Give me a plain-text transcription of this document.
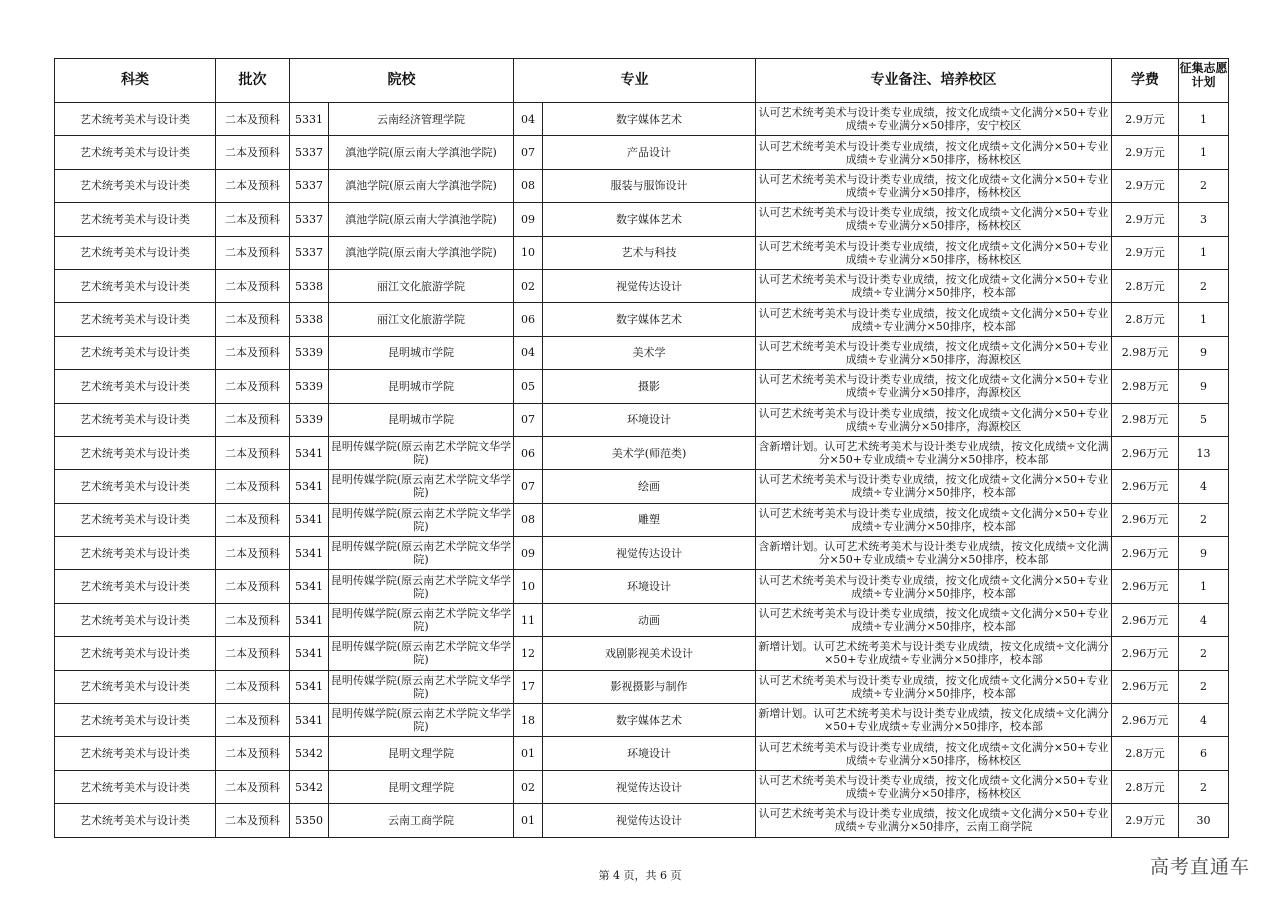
科类	批次	院校		专业		专业备注、培养校区	学费	征集志愿计划

艺术统考美术与设计类	二本及预科	5331	云南经济管理学院	04	数字媒体艺术	认可艺术统考美术与设计类专业成绩，按文化成绩÷文化满分×50+专业成绩÷专业满分×50排序，安宁校区	2.9万元	1
艺术统考美术与设计类	二本及预科	5337	滇池学院(原云南大学滇池学院)	07	产品设计	认可艺术统考美术与设计类专业成绩，按文化成绩÷文化满分×50+专业成绩÷专业满分×50排序，杨林校区	2.9万元	1
艺术统考美术与设计类	二本及预科	5337	滇池学院(原云南大学滇池学院)	08	服装与服饰设计	认可艺术统考美术与设计类专业成绩，按文化成绩÷文化满分×50+专业成绩÷专业满分×50排序，杨林校区	2.9万元	2
艺术统考美术与设计类	二本及预科	5337	滇池学院(原云南大学滇池学院)	09	数字媒体艺术	认可艺术统考美术与设计类专业成绩，按文化成绩÷文化满分×50+专业成绩÷专业满分×50排序，杨林校区	2.9万元	3
艺术统考美术与设计类	二本及预科	5337	滇池学院(原云南大学滇池学院)	10	艺术与科技	认可艺术统考美术与设计类专业成绩，按文化成绩÷文化满分×50+专业成绩÷专业满分×50排序，杨林校区	2.9万元	1
艺术统考美术与设计类	二本及预科	5338	丽江文化旅游学院	02	视觉传达设计	认可艺术统考美术与设计类专业成绩，按文化成绩÷文化满分×50+专业成绩÷专业满分×50排序，校本部	2.8万元	2
艺术统考美术与设计类	二本及预科	5338	丽江文化旅游学院	06	数字媒体艺术	认可艺术统考美术与设计类专业成绩，按文化成绩÷文化满分×50+专业成绩÷专业满分×50排序，校本部	2.8万元	1
艺术统考美术与设计类	二本及预科	5339	昆明城市学院	04	美术学	认可艺术统考美术与设计类专业成绩，按文化成绩÷文化满分×50+专业成绩÷专业满分×50排序，海源校区	2.98万元	9
艺术统考美术与设计类	二本及预科	5339	昆明城市学院	05	摄影	认可艺术统考美术与设计类专业成绩，按文化成绩÷文化满分×50+专业成绩÷专业满分×50排序，海源校区	2.98万元	9
艺术统考美术与设计类	二本及预科	5339	昆明城市学院	07	环境设计	认可艺术统考美术与设计类专业成绩，按文化成绩÷文化满分×50+专业成绩÷专业满分×50排序，海源校区	2.98万元	5
艺术统考美术与设计类	二本及预科	5341	昆明传媒学院(原云南艺术学院文华学院)	06	美术学(师范类)	含新增计划。认可艺术统考美术与设计类专业成绩，按文化成绩÷文化满分×50+专业成绩÷专业满分×50排序，校本部	2.96万元	13
艺术统考美术与设计类	二本及预科	5341	昆明传媒学院(原云南艺术学院文华学院)	07	绘画	认可艺术统考美术与设计类专业成绩，按文化成绩÷文化满分×50+专业成绩÷专业满分×50排序，校本部	2.96万元	4
艺术统考美术与设计类	二本及预科	5341	昆明传媒学院(原云南艺术学院文华学院)	08	雕塑	认可艺术统考美术与设计类专业成绩，按文化成绩÷文化满分×50+专业成绩÷专业满分×50排序，校本部	2.96万元	2
艺术统考美术与设计类	二本及预科	5341	昆明传媒学院(原云南艺术学院文华学院)	09	视觉传达设计	含新增计划。认可艺术统考美术与设计类专业成绩，按文化成绩÷文化满分×50+专业成绩÷专业满分×50排序，校本部	2.96万元	9
艺术统考美术与设计类	二本及预科	5341	昆明传媒学院(原云南艺术学院文华学院)	10	环境设计	认可艺术统考美术与设计类专业成绩，按文化成绩÷文化满分×50+专业成绩÷专业满分×50排序，校本部	2.96万元	1
艺术统考美术与设计类	二本及预科	5341	昆明传媒学院(原云南艺术学院文华学院)	11	动画	认可艺术统考美术与设计类专业成绩，按文化成绩÷文化满分×50+专业成绩÷专业满分×50排序，校本部	2.96万元	4
艺术统考美术与设计类	二本及预科	5341	昆明传媒学院(原云南艺术学院文华学院)	12	戏剧影视美术设计	新增计划。认可艺术统考美术与设计类专业成绩，按文化成绩÷文化满分×50+专业成绩÷专业满分×50排序，校本部	2.96万元	2
艺术统考美术与设计类	二本及预科	5341	昆明传媒学院(原云南艺术学院文华学院)	17	影视摄影与制作	认可艺术统考美术与设计类专业成绩，按文化成绩÷文化满分×50+专业成绩÷专业满分×50排序，校本部	2.96万元	2
艺术统考美术与设计类	二本及预科	5341	昆明传媒学院(原云南艺术学院文华学院)	18	数字媒体艺术	新增计划。认可艺术统考美术与设计类专业成绩，按文化成绩÷文化满分×50+专业成绩÷专业满分×50排序，校本部	2.96万元	4
艺术统考美术与设计类	二本及预科	5342	昆明文理学院	01	环境设计	认可艺术统考美术与设计类专业成绩，按文化成绩÷文化满分×50+专业成绩÷专业满分×50排序，杨林校区	2.8万元	6
艺术统考美术与设计类	二本及预科	5342	昆明文理学院	02	视觉传达设计	认可艺术统考美术与设计类专业成绩，按文化成绩÷文化满分×50+专业成绩÷专业满分×50排序，杨林校区	2.8万元	2
艺术统考美术与设计类	二本及预科	5350	云南工商学院	01	视觉传达设计	认可艺术统考美术与设计类专业成绩，按文化成绩÷文化满分×50+专业成绩÷专业满分×50排序，云南工商学院	2.9万元	30
第 4 页，共 6 页	高考直通车
